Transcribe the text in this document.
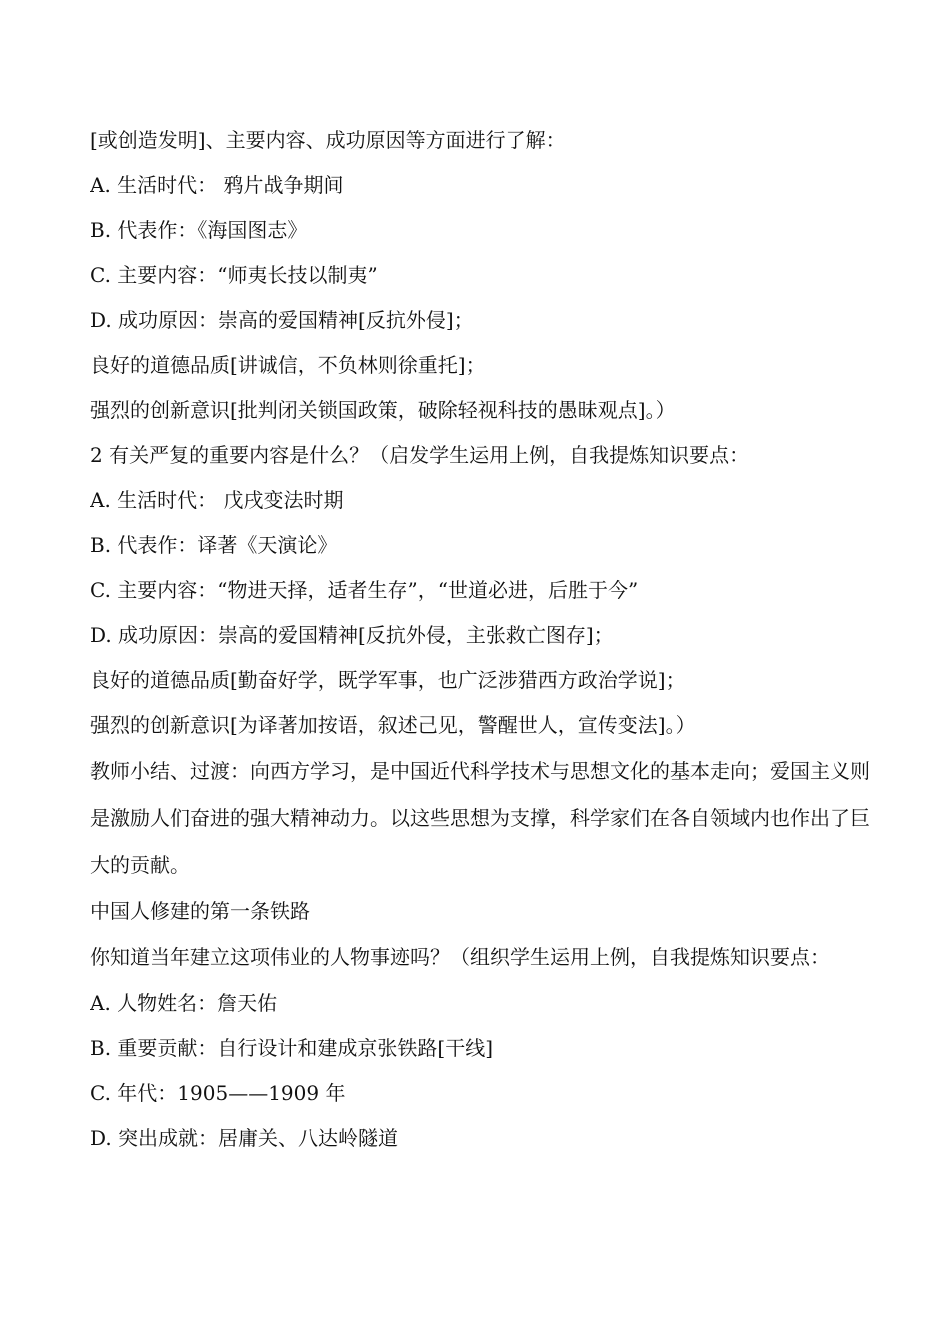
[或创造发明]、主要内容、成功原因等方面进行了解：
A. 生活时代： 鸦片战争期间
B. 代表作：《海国图志》
C. 主要内容：“师夷长技以制夷”
D. 成功原因：崇高的爱国精神[反抗外侵]；
良好的道德品质[讲诚信，不负林则徐重托]；
强烈的创新意识[批判闭关锁国政策，破除轻视科技的愚昧观点]。）
2 有关严复的重要内容是什么？（启发学生运用上例，自我提炼知识要点：
A. 生活时代： 戊戌变法时期
B. 代表作：译著《天演论》
C. 主要内容：“物进天择，适者生存”，“世道必进，后胜于今”
D. 成功原因：崇高的爱国精神[反抗外侵，主张救亡图存]；
良好的道德品质[勤奋好学，既学军事，也广泛涉猎西方政治学说]；
强烈的创新意识[为译著加按语，叙述己见，警醒世人，宣传变法]。）
教师小结、过渡：向西方学习，是中国近代科学技术与思想文化的基本走向；爱国主义则是激励人们奋进的强大精神动力。以这些思想为支撑，科学家们在各自领域内也作出了巨大的贡献。
中国人修建的第一条铁路
你知道当年建立这项伟业的人物事迹吗？（组织学生运用上例，自我提炼知识要点：
A. 人物姓名：詹天佑
B. 重要贡献：自行设计和建成京张铁路[干线]
C. 年代：1905——1909 年
D. 突出成就：居庸关、八达岭隧道
